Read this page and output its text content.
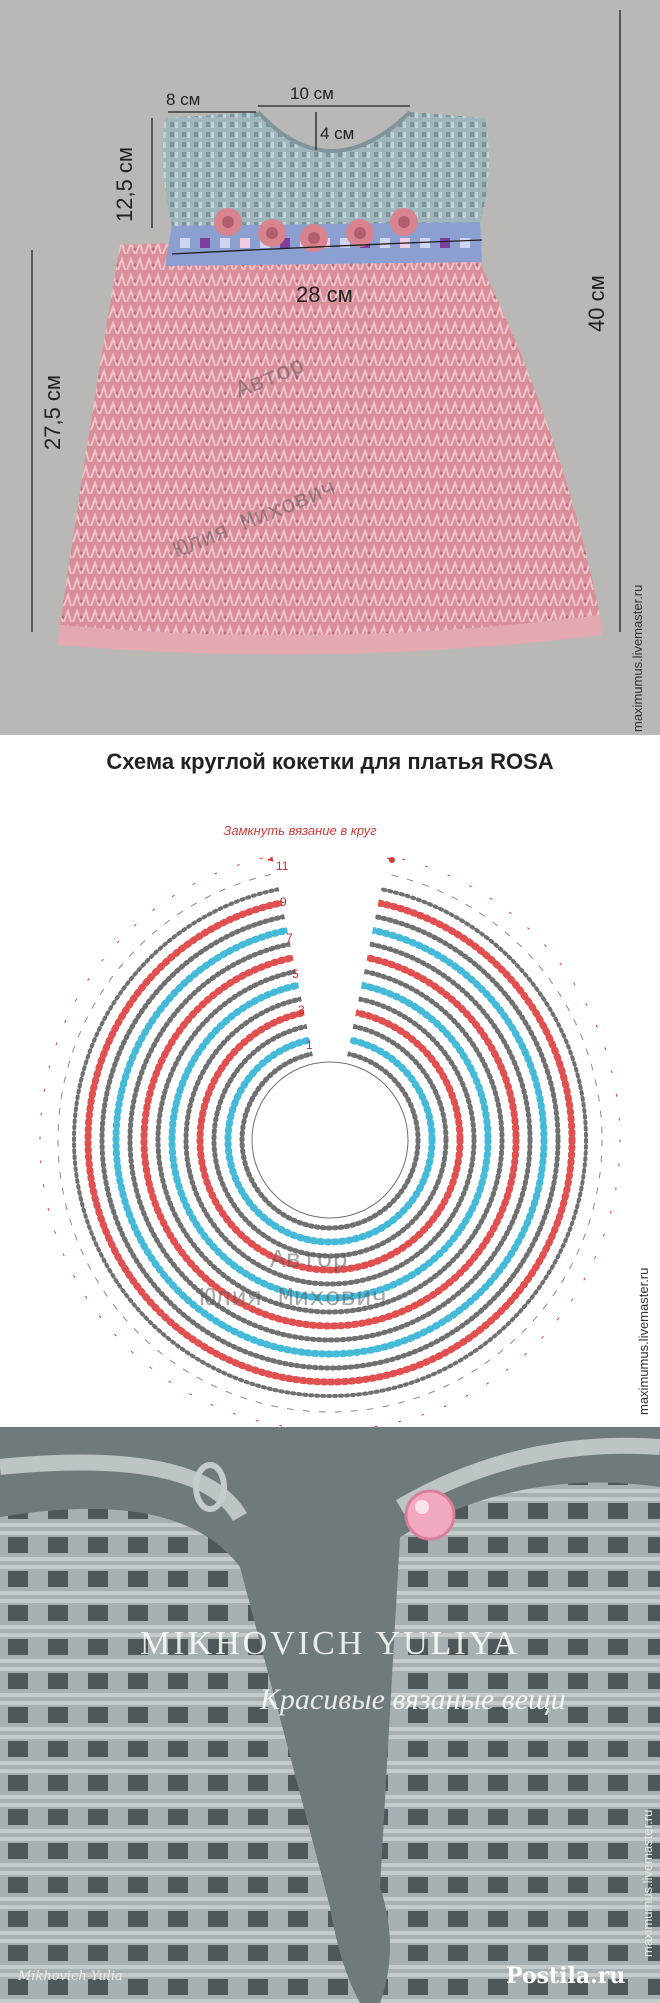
8 см	10 см
4 см
12,5 см
28 см
27,5 см
40 см
Автор
Юлия Михович
maximumus.livemaster.ru
Схема круглой кокетки для платья ROSA
Замкнуть вязание в круг
1
3
5
7
9
11
Автор
Юлия Михович	maximumus.livemaster.ru
MIKHOVICH YULIYA
Красивые вязаные вещи
Mikhovich Yulia	Postila.ru
maximumus.livemaster.ru
